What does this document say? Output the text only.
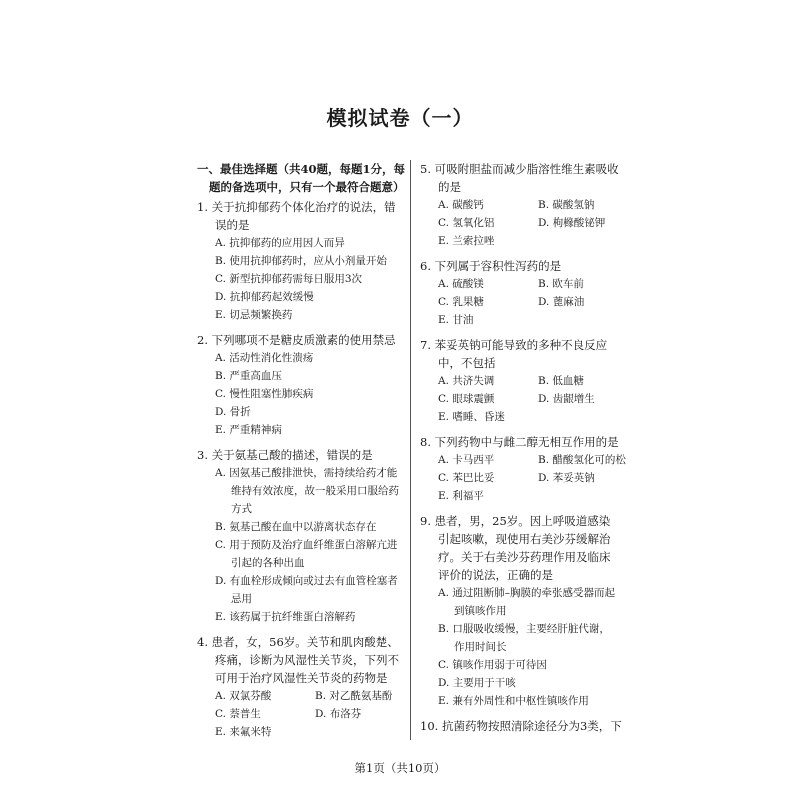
模拟试卷（一）
一、最佳选择题（共40题，每题1分，每
题的备选项中，只有一个最符合题意）
1. 关于抗抑郁药个体化治疗的说法，错误的是
A. 抗抑郁药的应用因人而异
B. 使用抗抑郁药时，应从小剂量开始
C. 新型抗抑郁药需每日服用3次
D. 抗抑郁药起效缓慢
E. 切忌频繁换药
2. 下列哪项不是糖皮质激素的使用禁忌
A. 活动性消化性溃疡
B. 严重高血压
C. 慢性阻塞性肺疾病
D. 骨折
E. 严重精神病
3. 关于氨基己酸的描述，错误的是
A. 因氨基己酸排泄快，需持续给药才能维持有效浓度，故一般采用口服给药方式
B. 氨基己酸在血中以游离状态存在
C. 用于预防及治疗血纤维蛋白溶解亢进引起的各种出血
D. 有血栓形成倾向或过去有血管栓塞者忌用
E. 该药属于抗纤维蛋白溶解药
4. 患者，女，56岁。关节和肌肉酸楚、疼痛，诊断为风湿性关节炎，下列不可用于治疗风湿性关节炎的药物是
A. 双氯芬酸	B. 对乙酰氨基酚
C. 萘普生	D. 布洛芬
E. 来氟米特
5. 可吸附胆盐而减少脂溶性维生素吸收的是
A. 碳酸钙	B. 碳酸氢钠
C. 氢氧化铝	D. 枸橼酸铋钾
E. 兰索拉唑
6. 下列属于容积性泻药的是
A. 硫酸镁	B. 欧车前
C. 乳果糖	D. 蓖麻油
E. 甘油
7. 苯妥英钠可能导致的多种不良反应中，不包括
A. 共济失调	B. 低血糖
C. 眼球震颤	D. 齿龈增生
E. 嗜睡、昏迷
8. 下列药物中与雌二醇无相互作用的是
A. 卡马西平	B. 醋酸氢化可的松
C. 苯巴比妥	D. 苯妥英钠
E. 利福平
9. 患者，男，25岁。因上呼吸道感染引起咳嗽，现使用右美沙芬缓解治疗。关于右美沙芬药理作用及临床评价的说法，正确的是
A. 通过阻断肺–胸膜的牵张感受器而起到镇咳作用
B. 口服吸收缓慢，主要经肝脏代谢，作用时间长
C. 镇咳作用弱于可待因
D. 主要用于干咳
E. 兼有外周性和中枢性镇咳作用
10. 抗菌药物按照清除途径分为3类，下
第1页（共10页）
